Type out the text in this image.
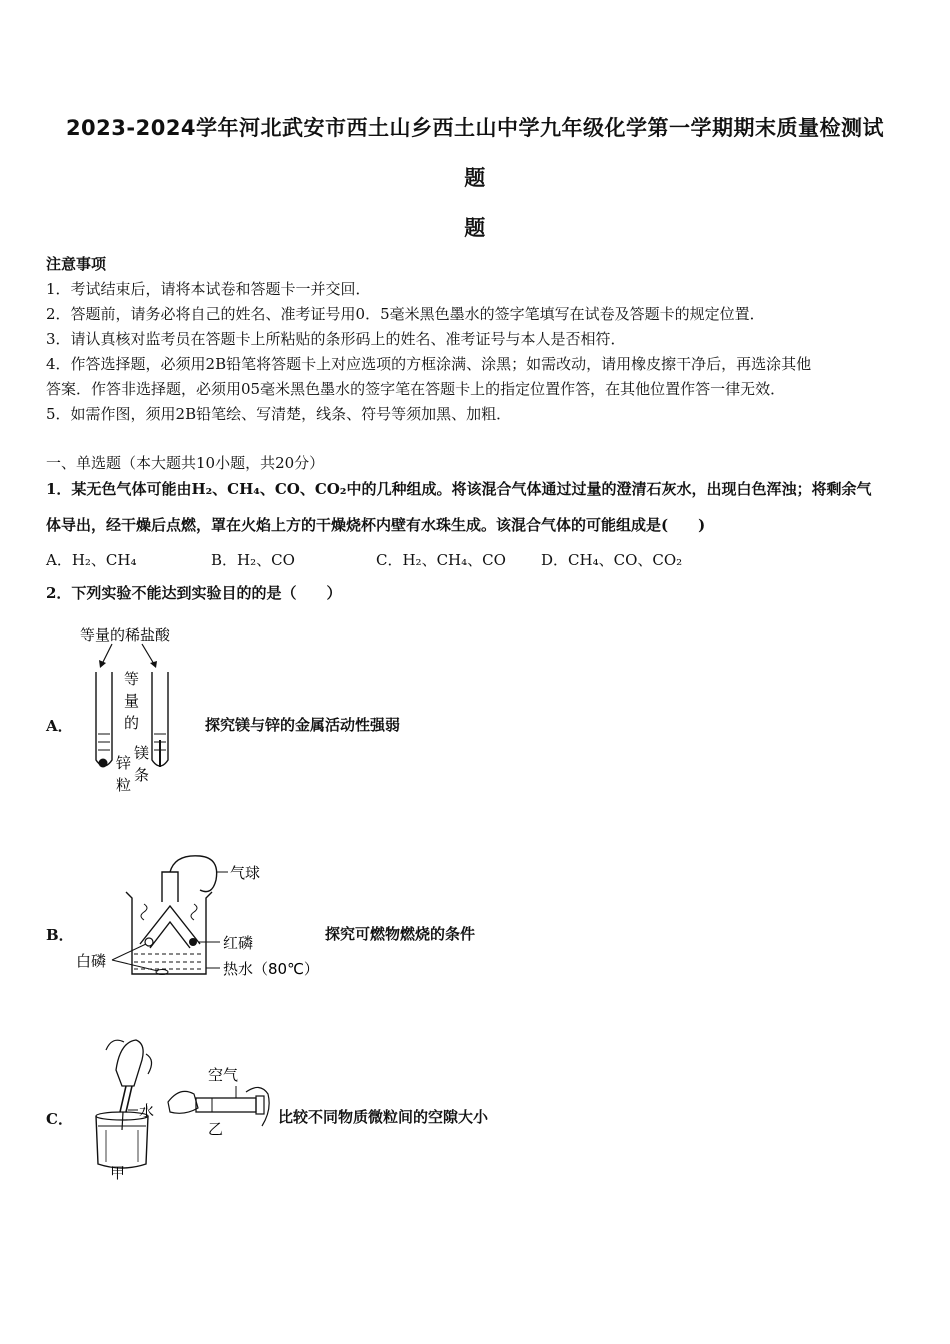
2023-2024学年河北武安市西土山乡西土山中学九年级化学第一学期期末质量检测试
题
题
注意事项
1．考试结束后，请将本试卷和答题卡一并交回．
2．答题前，请务必将自己的姓名、准考证号用0．5毫米黑色墨水的签字笔填写在试卷及答题卡的规定位置．
3．请认真核对监考员在答题卡上所粘贴的条形码上的姓名、准考证号与本人是否相符．
4．作答选择题，必须用2B铅笔将答题卡上对应选项的方框涂满、涂黑；如需改动，请用橡皮擦干净后，再选涂其他
答案．作答非选择题，必须用05毫米黑色墨水的签字笔在答题卡上的指定位置作答，在其他位置作答一律无效．
5．如需作图，须用2B铅笔绘、写清楚，线条、符号等须加黑、加粗．
一、单选题（本大题共10小题，共20分）
1．某无色气体可能由H₂、CH₄、CO、CO₂中的几种组成。将该混合气体通过过量的澄清石灰水，出现白色浑浊；将剩余气
体导出，经干燥后点燃，罩在火焰上方的干燥烧杯内壁有水珠生成。该混合气体的可能组成是(　　)
A．H₂、CH₄	B．H₂、CO	C．H₂、CH₄、CO D．CH₄、CO、CO₂
2．下列实验不能达到实验目的的是（　　）
A．	探究镁与锌的金属活动性强弱
等量的稀盐酸
等
量
的
锌
粒
镁
条
B．	探究可燃物燃烧的条件
气球
红磷
热水（80℃）
白磷
C．	比较不同物质微粒间的空隙大小
水
甲
空气
乙
